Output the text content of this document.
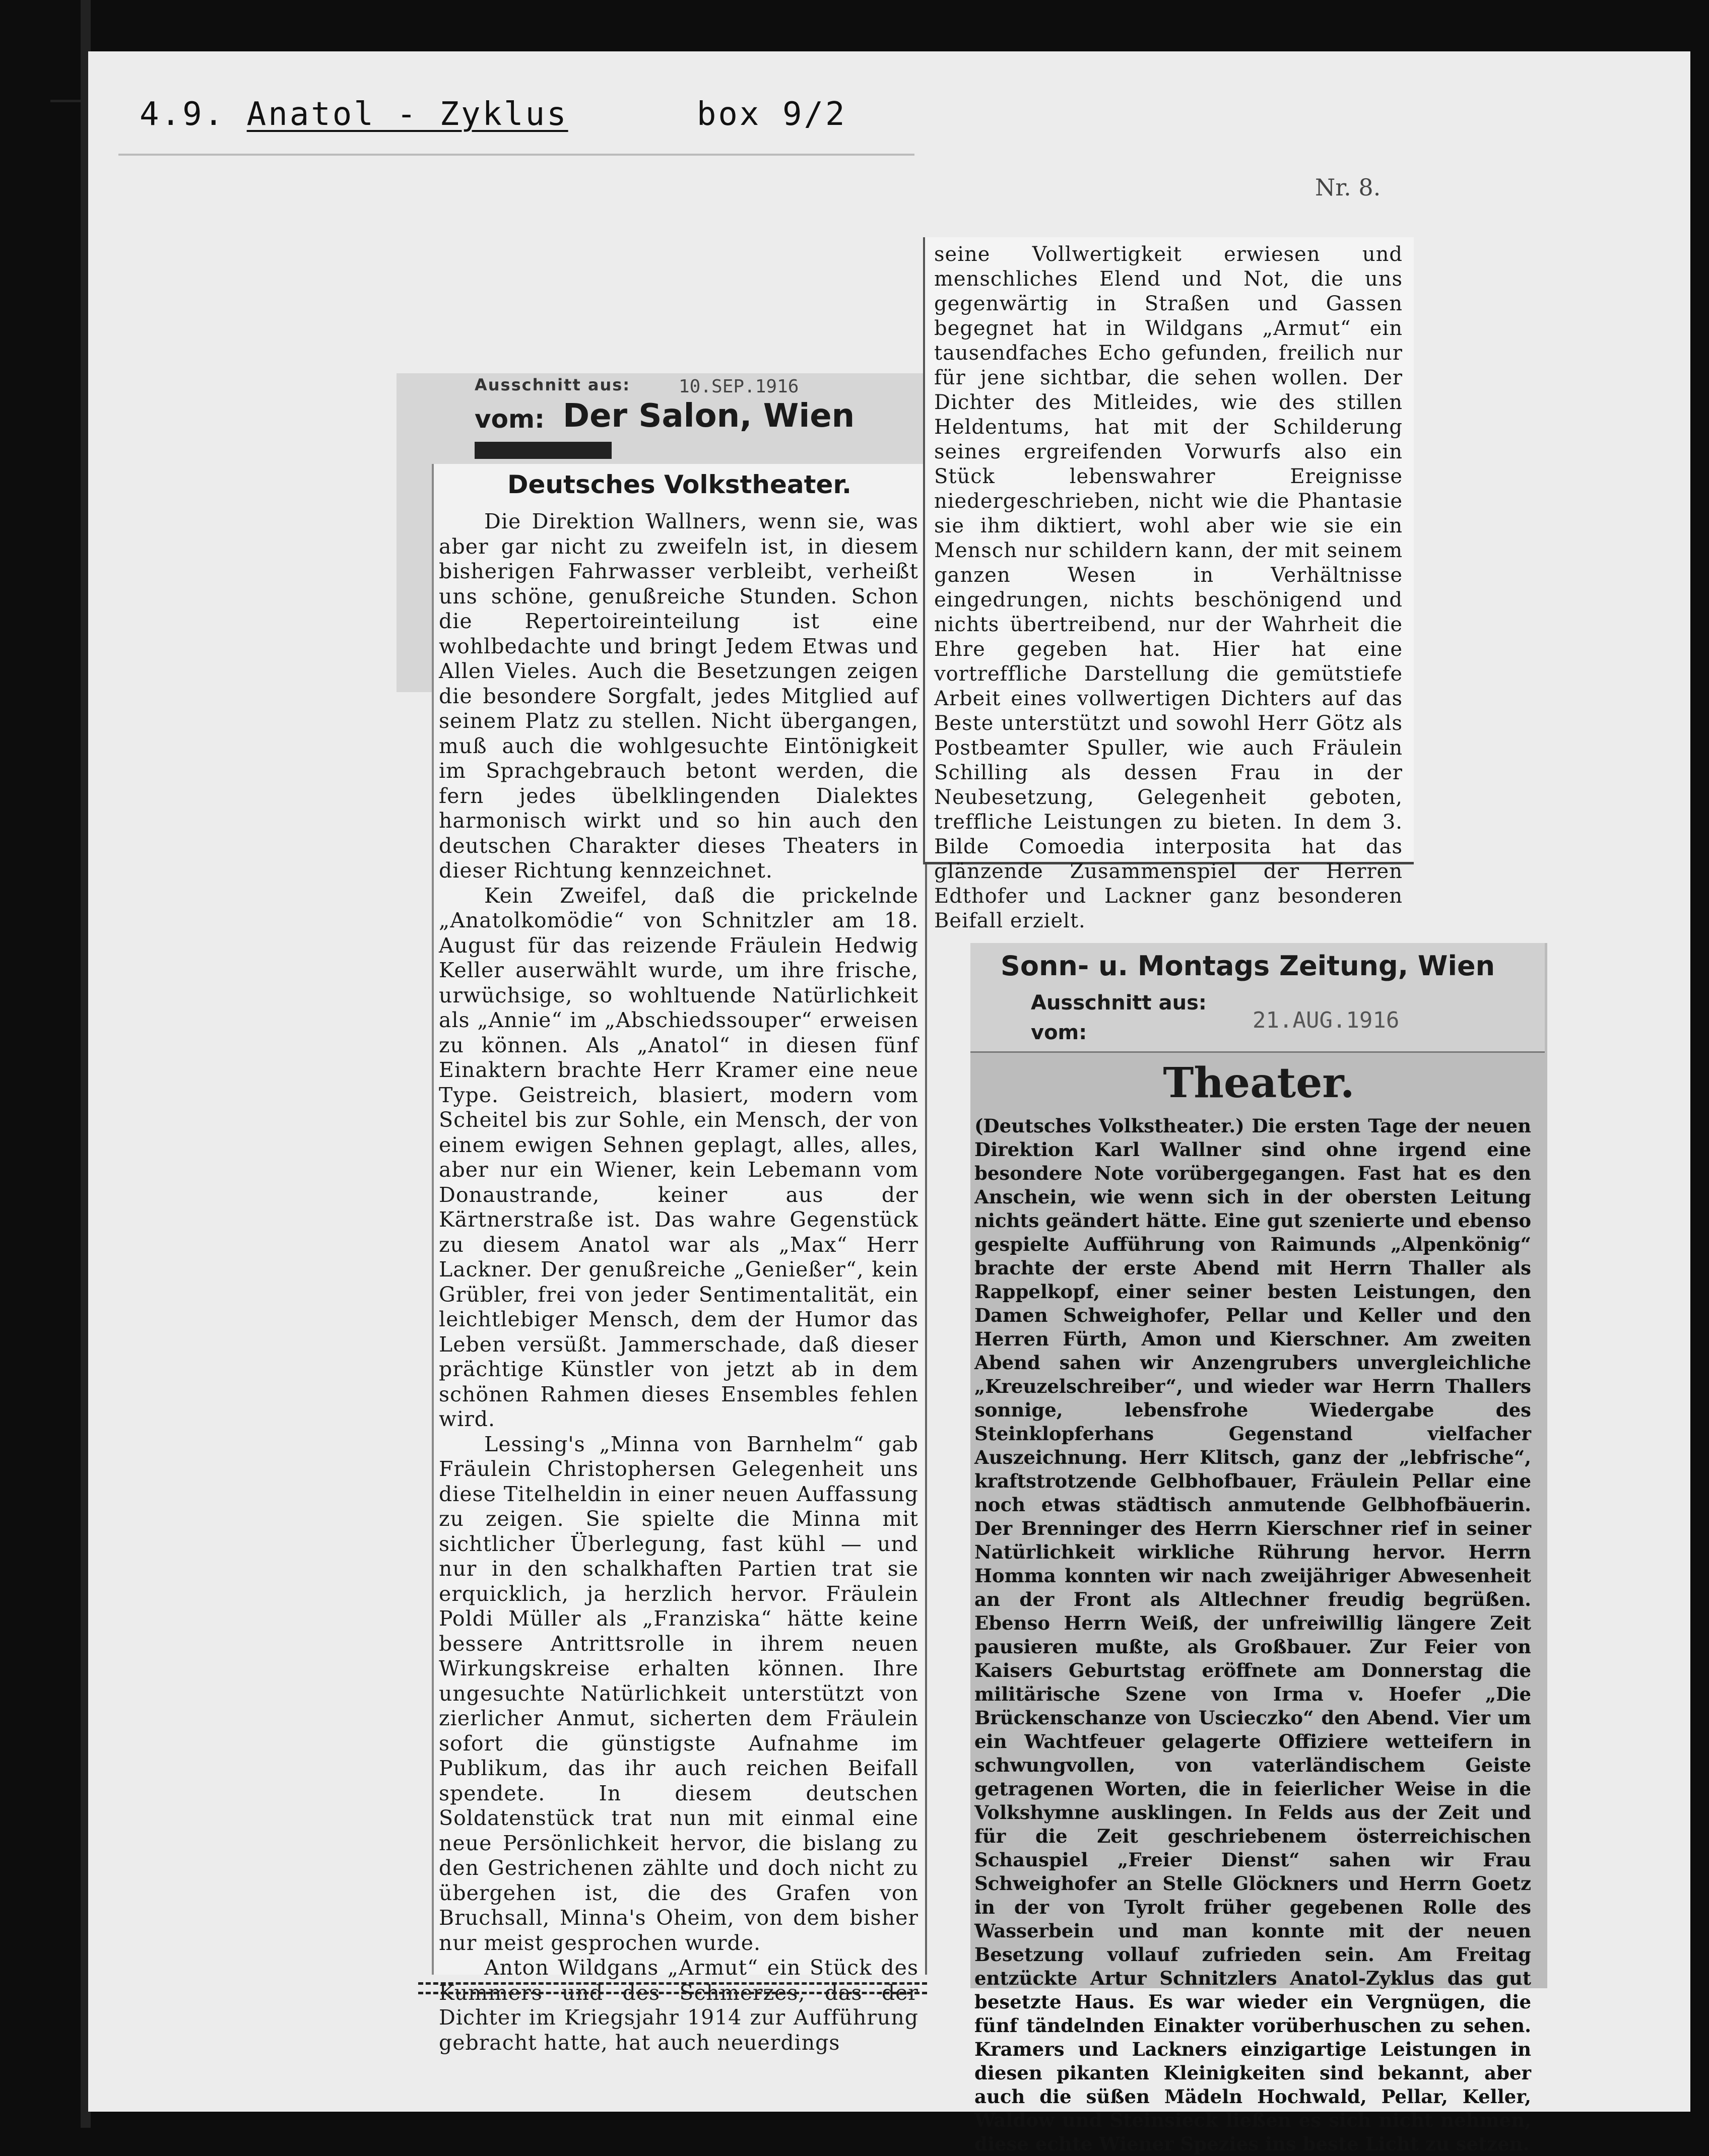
4.9. Anatol - Zyklus	box 9/2
Nr. 8.
Ausschnitt aus:	10.SEP.1916
vom: Der Salon, Wien
Deutsches Volkstheater.

Die Direktion Wallners, wenn sie, was aber gar nicht zu zweifeln ist, in diesem bisherigen Fahrwasser verbleibt, verheißt uns schöne, genußreiche Stunden. Schon die Repertoireinteilung ist eine wohlbedachte und bringt Jedem Etwas und Allen Vieles. Auch die Besetzungen zeigen die besondere Sorgfalt, jedes Mitglied auf seinem Platz zu stellen. Nicht übergangen, muß auch die wohlgesuchte Eintönigkeit im Sprachgebrauch betont werden, die fern jedes übelklingenden Dialektes harmonisch wirkt und so hin auch den deutschen Charakter dieses Theaters in dieser Richtung kennzeichnet.

Kein Zweifel, daß die prickelnde „Anatolkomödie“ von Schnitzler am 18. August für das reizende Fräulein Hedwig Keller auserwählt wurde, um ihre frische, urwüchsige, so wohltuende Natürlichkeit als „Annie“ im „Abschiedssouper“ erweisen zu können. Als „Anatol“ in diesen fünf Einaktern brachte Herr Kramer eine neue Type. Geistreich, blasiert, modern vom Scheitel bis zur Sohle, ein Mensch, der von einem ewigen Sehnen geplagt, alles, alles, aber nur ein Wiener, kein Lebemann vom Donaustrande, keiner aus der Kärtnerstraße ist. Das wahre Gegenstück zu diesem Anatol war als „Max“ Herr Lackner. Der genußreiche „Genießer“, kein Grübler, frei von jeder Sentimentalität, ein leichtlebiger Mensch, dem der Humor das Leben versüßt. Jammerschade, daß dieser prächtige Künstler von jetzt ab in dem schönen Rahmen dieses Ensembles fehlen wird.

Lessing's „Minna von Barnhelm“ gab Fräulein Christophersen Gelegenheit uns diese Titelheldin in einer neuen Auffassung zu zeigen. Sie spielte die Minna mit sichtlicher Überlegung, fast kühl — und nur in den schalkhaften Partien trat sie erquicklich, ja herzlich hervor. Fräulein Poldi Müller als „Franziska“ hätte keine bessere Antrittsrolle in ihrem neuen Wirkungskreise erhalten können. Ihre ungesuchte Natürlichkeit unterstützt von zierlicher Anmut, sicherten dem Fräulein sofort die günstigste Aufnahme im Publikum, das ihr auch reichen Beifall spendete. In diesem deutschen Soldatenstück trat nun mit einmal eine neue Persönlichkeit hervor, die bislang zu den Gestrichenen zählte und doch nicht zu übergehen ist, die des Grafen von Bruchsall, Minna's Oheim, von dem bisher nur meist gesprochen wurde.

Anton Wildgans „Armut“ ein Stück des Kummers und des Schmerzes, das der Dichter im Kriegsjahr 1914 zur Aufführung gebracht hatte, hat auch neuerdings

seine Vollwertigkeit erwiesen und menschliches Elend und Not, die uns gegenwärtig in Straßen und Gassen begegnet hat in Wildgans „Armut“ ein tausendfaches Echo gefunden, freilich nur für jene sichtbar, die sehen wollen. Der Dichter des Mitleides, wie des stillen Heldentums, hat mit der Schilderung seines ergreifenden Vorwurfs also ein Stück lebenswahrer Ereignisse niedergeschrieben, nicht wie die Phantasie sie ihm diktiert, wohl aber wie sie ein Mensch nur schildern kann, der mit seinem ganzen Wesen in Verhältnisse eingedrungen, nichts beschönigend und nichts übertreibend, nur der Wahrheit die Ehre gegeben hat. Hier hat eine vortreffliche Darstellung die gemütstiefe Arbeit eines vollwertigen Dichters auf das Beste unterstützt und sowohl Herr Götz als Postbeamter Spuller, wie auch Fräulein Schilling als dessen Frau in der Neubesetzung, Gelegenheit geboten, treffliche Leistungen zu bieten. In dem 3. Bilde Comoedia interposita hat das glänzende Zusammenspiel der Herren Edthofer und Lackner ganz besonderen Beifall erzielt.
Sonn- u. Montags Zeitung, Wien
Ausschnitt aus:
vom:	21.AUG.1916
Theater.
(Deutsches Volkstheater.) Die ersten Tage der neuen Direktion Karl Wallner sind ohne irgend eine besondere Note vorübergegangen. Fast hat es den Anschein, wie wenn sich in der obersten Leitung nichts geändert hätte. Eine gut szenierte und ebenso gespielte Aufführung von Raimunds „Alpenkönig“ brachte der erste Abend mit Herrn Thaller als Rappelkopf, einer seiner besten Leistungen, den Damen Schweighofer, Pellar und Keller und den Herren Fürth, Amon und Kierschner. Am zweiten Abend sahen wir Anzengrubers unvergleichliche „Kreuzelschreiber“, und wieder war Herrn Thallers sonnige, lebensfrohe Wiedergabe des Steinklopferhans Gegenstand vielfacher Auszeichnung. Herr Klitsch, ganz der „lebfrische“, kraftstrotzende Gelbhofbauer, Fräulein Pellar eine noch etwas städtisch anmutende Gelbhofbäuerin. Der Brenninger des Herrn Kierschner rief in seiner Natürlichkeit wirkliche Rührung hervor. Herrn Homma konnten wir nach zweijähriger Abwesenheit an der Front als Altlechner freudig begrüßen. Ebenso Herrn Weiß, der unfreiwillig längere Zeit pausieren mußte, als Großbauer. Zur Feier von Kaisers Geburtstag eröffnete am Donnerstag die militärische Szene von Irma v. Hoefer „Die Brückenschanze von Uscieczko“ den Abend. Vier um ein Wachtfeuer gelagerte Offiziere wetteifern in schwungvollen, von vaterländischem Geiste getragenen Worten, die in feierlicher Weise in die Volkshymne ausklingen. In Felds aus der Zeit und für die Zeit geschriebenem österreichischen Schauspiel „Freier Dienst“ sahen wir Frau Schweighofer an Stelle Glöckners und Herrn Goetz in der von Tyrolt früher gegebenen Rolle des Wasserbein und man konnte mit der neuen Besetzung vollauf zufrieden sein. Am Freitag entzückte Artur Schnitzlers Anatol-Zyklus das gut besetzte Haus. Es war wieder ein Vergnügen, die fünf tändelnden Einakter vorüberhuschen zu sehen. Kramers und Lackners einzigartige Leistungen in diesen pikanten Kleinigkeiten sind bekannt, aber auch die süßen Mädeln Hochwald, Pellar, Keller, Waldow und Steinsieck ließen es sich nicht nehmen, diese echte Wiener Spezies ins beste Licht zu setzen.
